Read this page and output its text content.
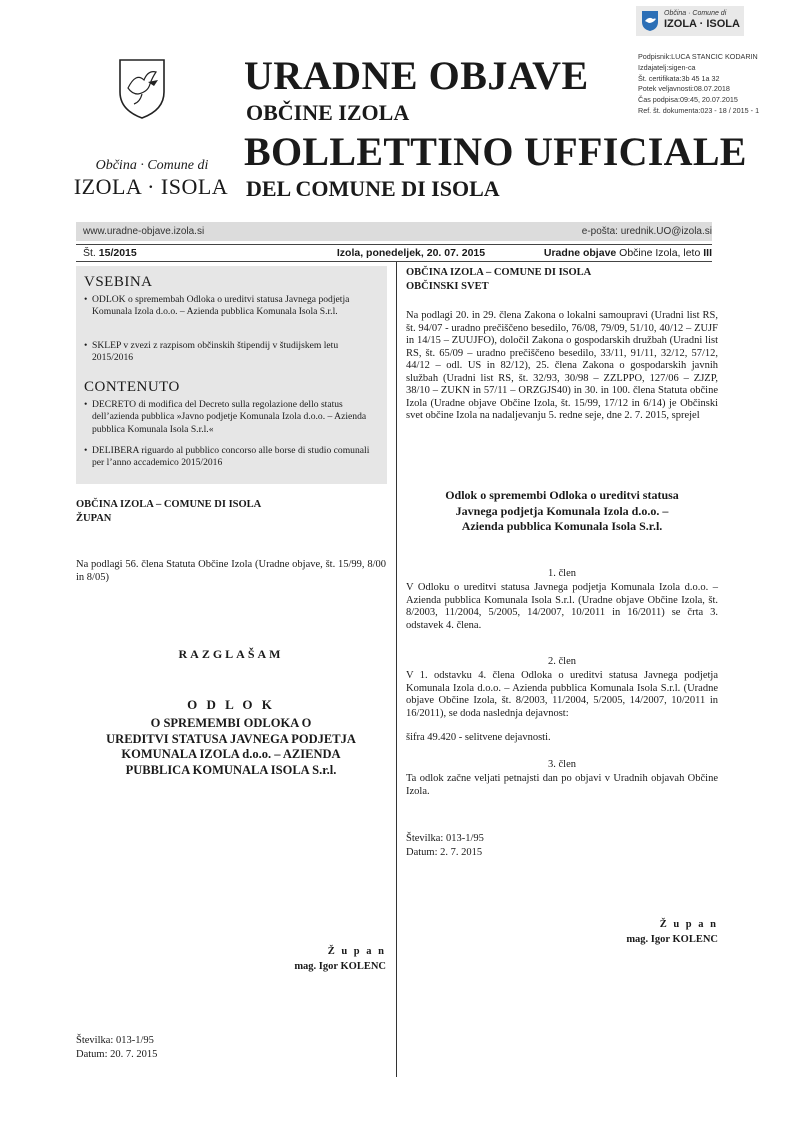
Občina · Comune di
IZOLA · ISOLA
URADNE OBJAVE
OBČINE IZOLA
BOLLETTINO UFFICIALE
DEL COMUNE DI ISOLA
Občina · Comune di
IZOLA · ISOLA
Podpisnik:LUCA STANCIC KODARIN
Izdajatelj:sigen-ca
Št. certifikata:3b 45 1a 32
Potek veljavnosti:08.07.2018
Čas podpisa:09:45, 20.07.2015
Ref. št. dokumenta:023 - 18 / 2015 - 1
www.uradne-objave.izola.si	e-pošta: urednik.UO@izola.si
Št. 15/2015	Izola, ponedeljek, 20. 07. 2015	Uradne objave Občine Izola, leto III
VSEBINA
• ODLOK o spremembah Odloka o ureditvi statusa Javnega podjetja Komunala Izola d.o.o. – Azienda pubblica Komunala Isola S.r.l.
• SKLEP v zvezi z razpisom občinskih štipendij v študijskem letu 2015/2016
CONTENUTO
• DECRETO di modifica del Decreto sulla regolazione dello status dell’azienda pubblica »Javno podjetje Komunala Izola d.o.o. – Azienda pubblica Komunala Isola S.r.l.«
• DELIBERA riguardo al pubblico concorso alle borse di studio comunali per l’anno accademico 2015/2016
OBČINA IZOLA – COMUNE DI ISOLA
ŽUPAN
Na podlagi 56. člena Statuta Občine Izola (Uradne objave, št. 15/99, 8/00 in 8/05)
RAZGLAŠAM
O D L O K
O SPREMEMBI ODLOKA O
UREDITVI STATUSA JAVNEGA PODJETJA
KOMUNALA IZOLA d.o.o. – AZIENDA
PUBBLICA KOMUNALA ISOLA S.r.l.
Ž u p a n
mag. Igor KOLENC
Številka: 013-1/95
Datum: 20. 7. 2015
OBČINA IZOLA – COMUNE DI ISOLA
OBČINSKI SVET
Na podlagi 20. in 29. člena Zakona o lokalni samoupravi (Uradni list RS, št. 94/07 - uradno prečiščeno besedilo, 76/08, 79/09, 51/10, 40/12 – ZUJF in 14/15 – ZUUJFO), določil Zakona o gospodarskih družbah (Uradni list RS, št. 65/09 – uradno prečiščeno besedilo, 33/11, 91/11, 32/12, 57/12, 44/12 – odl. US in 82/12), 25. člena Zakona o gospodarskih javnih službah (Uradni list RS, št. 32/93, 30/98 – ZZLPPO, 127/06 – ZJZP, 38/10 – ZUKN in 57/11 – ORZGJS40) in 30. in 100. člena Statuta občine Izola (Uradne objave Občine Izola, št. 15/99, 17/12 in 6/14) je Občinski svet občine Izola na nadaljevanju 5. redne seje, dne 2. 7. 2015, sprejel
Odlok o spremembi Odloka o ureditvi statusa
Javnega podjetja Komunala Izola d.o.o. –
Azienda pubblica Komunala Isola S.r.l.
1. člen
V Odloku o ureditvi statusa Javnega podjetja Komunala Izola d.o.o. – Azienda pubblica Komunala Isola S.r.l. (Uradne objave Občine Izola, št. 8/2003, 11/2004, 5/2005, 14/2007, 10/2011 in 16/2011) se črta 3. odstavek 4. člena.
2. člen
V 1. odstavku 4. člena Odloka o ureditvi statusa Javnega podjetja Komunala Izola d.o.o. – Azienda pubblica Komunala Isola S.r.l. (Uradne objave Občine Izola, št. 8/2003, 11/2004, 5/2005, 14/2007, 10/2011 in 16/2011), se doda naslednja dejavnost:
šifra 49.420 - selitvene dejavnosti.
3. člen
Ta odlok začne veljati petnajsti dan po objavi v Uradnih objavah Občine Izola.
Številka: 013-1/95
Datum: 2. 7. 2015
Ž u p a n
mag. Igor KOLENC
